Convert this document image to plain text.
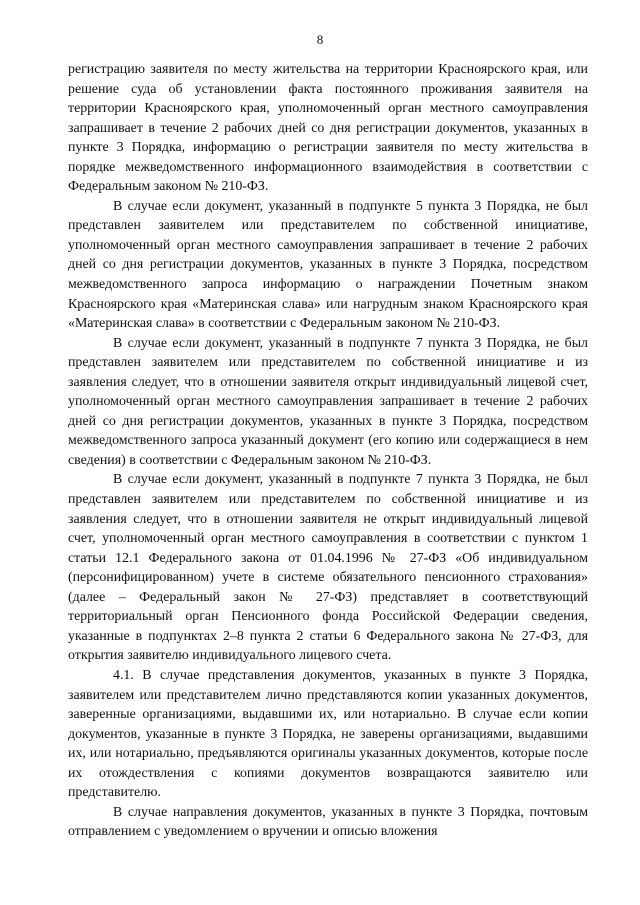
8

регистрацию заявителя по месту жительства на территории Красноярского края, или решение суда об установлении факта постоянного проживания заявителя на территории Красноярского края, уполномоченный орган местного самоуправления запрашивает в течение 2 рабочих дней со дня регистрации документов, указанных в пункте 3 Порядка, информацию о регистрации заявителя по месту жительства в порядке межведомственного информационного взаимодействия в соответствии с Федеральным законом № 210-ФЗ.

В случае если документ, указанный в подпункте 5 пункта 3 Порядка, не был представлен заявителем или представителем по собственной инициативе, уполномоченный орган местного самоуправления запрашивает в течение 2 рабочих дней со дня регистрации документов, указанных в пункте 3 Порядка, посредством межведомственного запроса информацию о награждении Почетным знаком Красноярского края «Материнская слава» или нагрудным знаком Красноярского края «Материнская слава» в соответствии с Федеральным законом № 210-ФЗ.

В случае если документ, указанный в подпункте 7 пункта 3 Порядка, не был представлен заявителем или представителем по собственной инициативе и из заявления следует, что в отношении заявителя открыт индивидуальный лицевой счет, уполномоченный орган местного самоуправления запрашивает в течение 2 рабочих дней со дня регистрации документов, указанных в пункте 3 Порядка, посредством межведомственного запроса указанный документ (его копию или содержащиеся в нем сведения) в соответствии с Федеральным законом № 210-ФЗ.

В случае если документ, указанный в подпункте 7 пункта 3 Порядка, не был представлен заявителем или представителем по собственной инициативе и из заявления следует, что в отношении заявителя не открыт индивидуальный лицевой счет, уполномоченный орган местного самоуправления в соответствии с пунктом 1 статьи 12.1 Федерального закона от 01.04.1996 № 27-ФЗ «Об индивидуальном (персонифицированном) учете в системе обязательного пенсионного страхования» (далее – Федеральный закон № 27-ФЗ) представляет в соответствующий территориальный орган Пенсионного фонда Российской Федерации сведения, указанные в подпунктах 2–8 пункта 2 статьи 6 Федерального закона № 27-ФЗ, для открытия заявителю индивидуального лицевого счета.

4.1. В случае представления документов, указанных в пункте 3 Порядка, заявителем или представителем лично представляются копии указанных документов, заверенные организациями, выдавшими их, или нотариально. В случае если копии документов, указанные в пункте 3 Порядка, не заверены организациями, выдавшими их, или нотариально, предъявляются оригиналы указанных документов, которые после их отождествления с копиями документов возвращаются заявителю или представителю.

В случае направления документов, указанных в пункте 3 Порядка, почтовым отправлением с уведомлением о вручении и описью вложения
